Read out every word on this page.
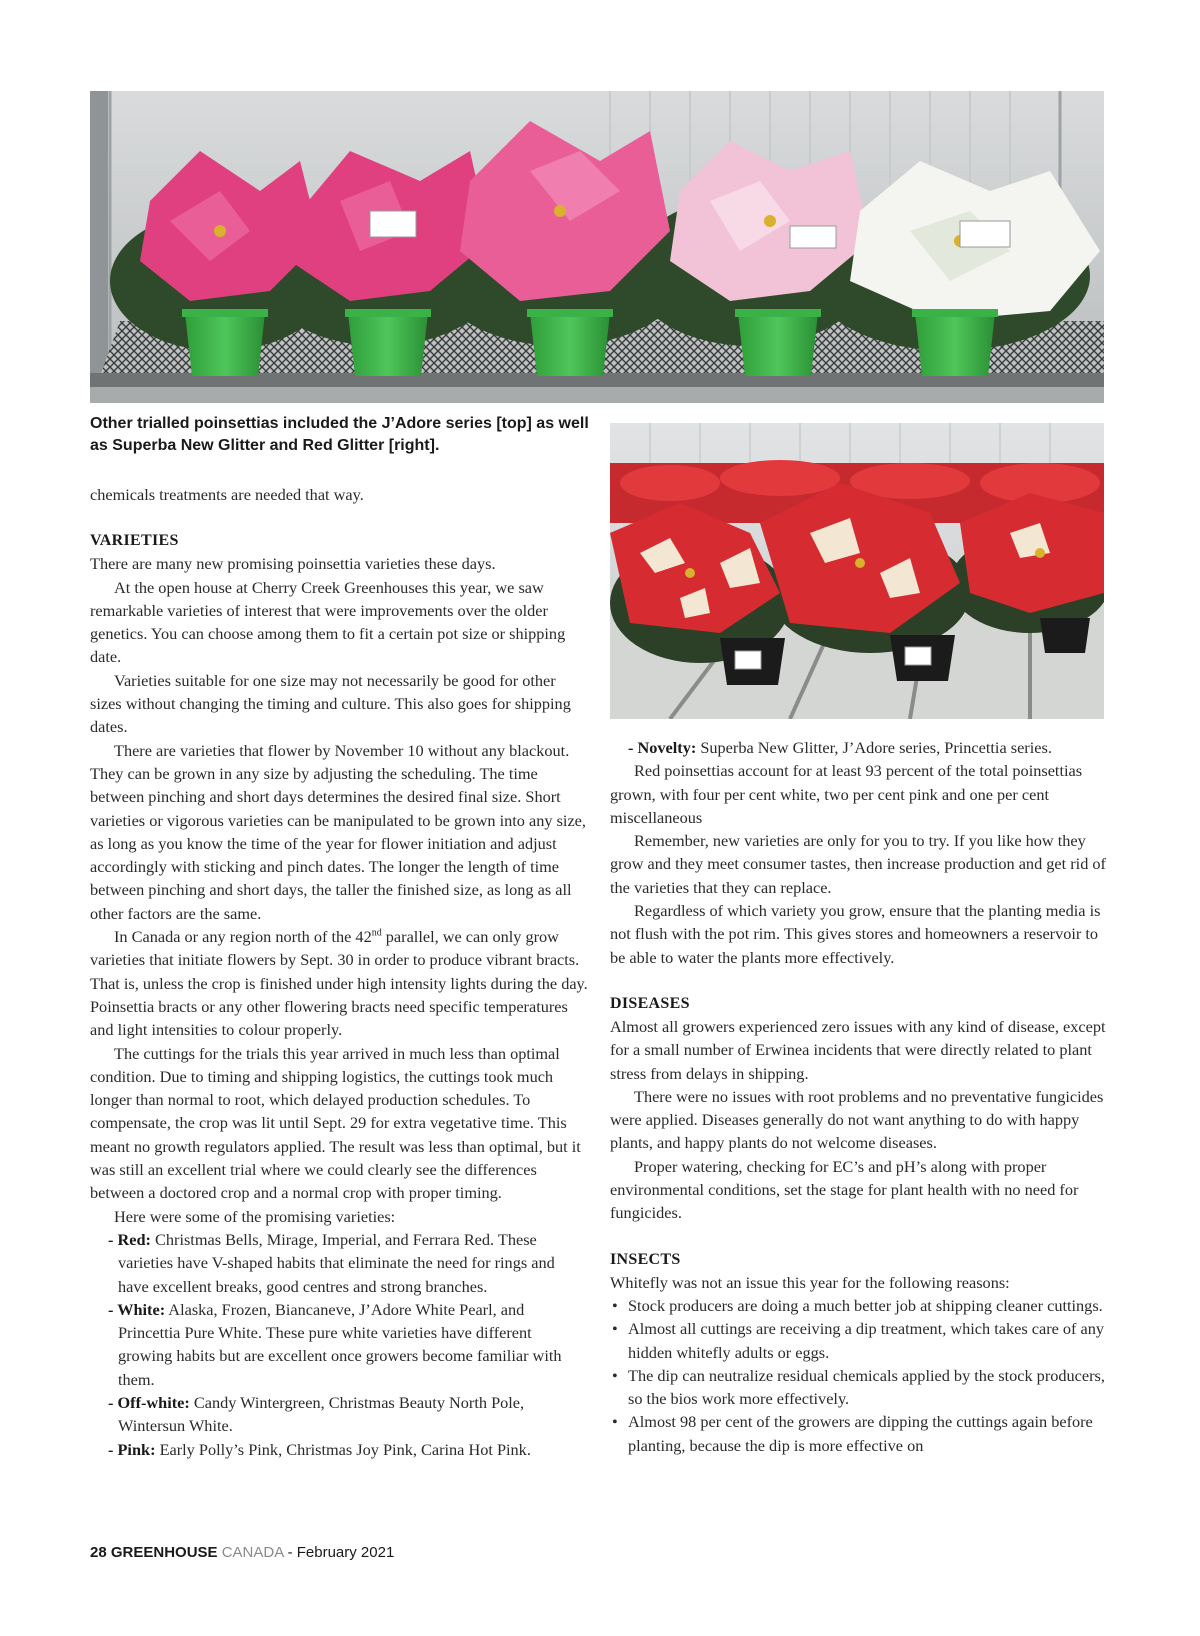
Other trialled poinsettias included the J’Adore series [top] as well as Superba New Glitter and Red Glitter [right].

chemicals treatments are needed that way.

VARIETIES

There are many new promising poinsettia varieties these days.

At the open house at Cherry Creek Greenhouses this year, we saw remarkable varieties of interest that were improvements over the older genetics. You can choose among them to fit a certain pot size or shipping date.

Varieties suitable for one size may not necessarily be good for other sizes without changing the timing and culture. This also goes for shipping dates.

There are varieties that flower by November 10 without any blackout. They can be grown in any size by adjusting the scheduling. The time between pinching and short days determines the desired final size. Short varieties or vigorous varieties can be manipulated to be grown into any size, as long as you know the time of the year for flower initiation and adjust accordingly with sticking and pinch dates. The longer the length of time between pinching and short days, the taller the finished size, as long as all other factors are the same.

In Canada or any region north of the 42nd parallel, we can only grow varieties that initiate flowers by Sept. 30 in order to produce vibrant bracts. That is, unless the crop is finished under high intensity lights during the day. Poinsettia bracts or any other flowering bracts need specific temperatures and light intensities to colour properly.

The cuttings for the trials this year arrived in much less than optimal condition. Due to timing and shipping logistics, the cuttings took much longer than normal to root, which delayed production schedules. To compensate, the crop was lit until Sept. 29 for extra vegetative time. This meant no growth regulators applied. The result was less than optimal, but it was still an excellent trial where we could clearly see the differences between a doctored crop and a normal crop with proper timing.

Here were some of the promising varieties:

- Red: Christmas Bells, Mirage, Imperial, and Ferrara Red. These varieties have V-shaped habits that eliminate the need for rings and have excellent breaks, good centres and strong branches.
- White: Alaska, Frozen, Biancaneve, J’Adore White Pearl, and Princettia Pure White. These pure white varieties have different growing habits but are excellent once growers become familiar with them.
- Off-white: Candy Wintergreen, Christmas Beauty North Pole, Wintersun White.
- Pink: Early Polly’s Pink, Christmas Joy Pink, Carina Hot Pink.
- Novelty: Superba New Glitter, J’Adore series, Princettia series.

Red poinsettias account for at least 93 percent of the total poinsettias grown, with four per cent white, two per cent pink and one per cent miscellaneous

Remember, new varieties are only for you to try. If you like how they grow and they meet consumer tastes, then increase production and get rid of the varieties that they can replace.

Regardless of which variety you grow, ensure that the planting media is not flush with the pot rim. This gives stores and homeowners a reservoir to be able to water the plants more effectively.

DISEASES

Almost all growers experienced zero issues with any kind of disease, except for a small number of Erwinea incidents that were directly related to plant stress from delays in shipping.

There were no issues with root problems and no preventative fungicides were applied. Diseases generally do not want anything to do with happy plants, and happy plants do not welcome diseases.

Proper watering, checking for EC’s and pH’s along with proper environmental conditions, set the stage for plant health with no need for fungicides.

INSECTS

Whitefly was not an issue this year for the following reasons:

• Stock producers are doing a much better job at shipping cleaner cuttings.
• Almost all cuttings are receiving a dip treatment, which takes care of any hidden whitefly adults or eggs.
• The dip can neutralize residual chemicals applied by the stock producers, so the bios work more effectively.
• Almost 98 per cent of the growers are dipping the cuttings again before planting, because the dip is more effective on
28 GREENHOUSE CANADA - February 2021
